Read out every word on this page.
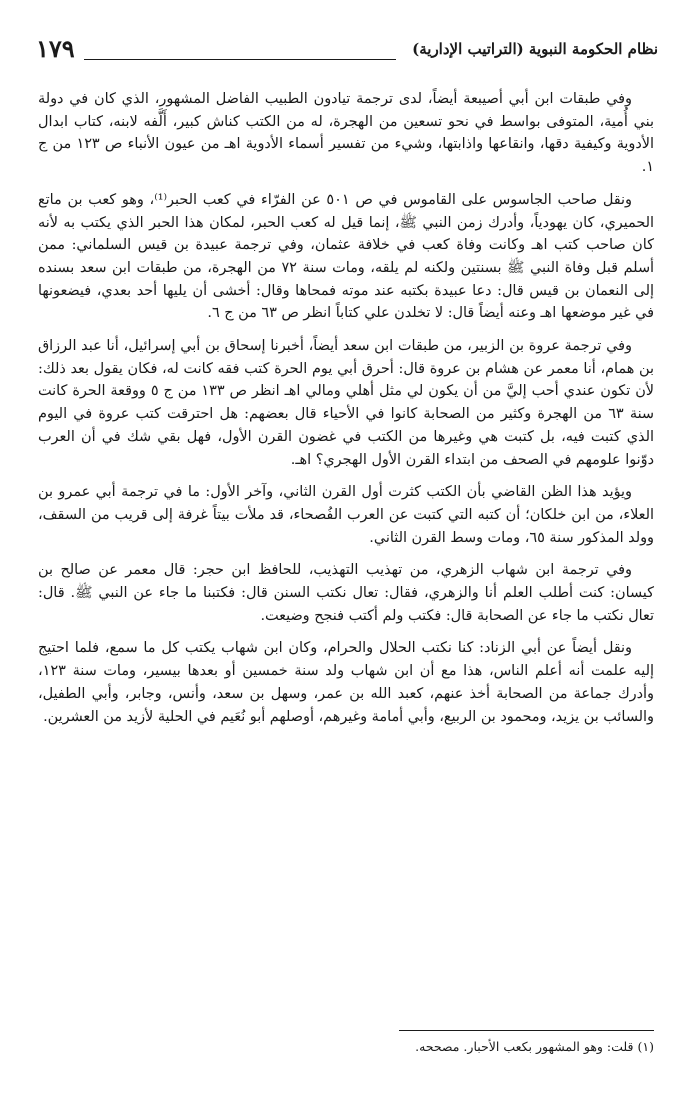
نظام الحكومة النبوية (التراتيب الإدارية)
١٧٩

وفي طبقات ابن أبي أصيبعة أيضاً، لدى ترجمة تيادون الطبيب الفاضل المشهور، الذي كان في دولة بني أُمية، المتوفى بواسط في نحو تسعين من الهجرة، له من الكتب كناش كبير، أَلَّفه لابنه، كتاب ابدال الأدوية وكيفية دقها، وانقاعها واذابتها، وشيء من تفسير أسماء الأدوية اهـ من عيون الأنباء ص ١٢٣ من ج ١.

ونقل صاحب الجاسوس على القاموس في ص ٥٠١ عن الفرّاء في كعب الحبر⁽¹⁾، وهو كعب بن ماتع الحميري، كان يهودياً، وأدرك زمن النبي ﷺ، إنما قيل له كعب الحبر، لمكان هذا الحبر الذي يكتب به لأنه كان صاحب كتب اهـ وكانت وفاة كعب في خلافة عثمان، وفي ترجمة عبيدة بن قيس السلماني: ممن أسلم قبل وفاة النبي ﷺ بسنتين ولكنه لم يلقه، ومات سنة ٧٢ من الهجرة، من طبقات ابن سعد بسنده إلى النعمان بن قيس قال: دعا عبيدة بكتبه عند موته فمحاها وقال: أخشى أن يليها أحد بعدي، فيضعونها في غير موضعها اهـ وعنه أيضاً قال: لا تخلدن علي كتاباً انظر ص ٦٣ من ج ٦.

وفي ترجمة عروة بن الزبير، من طبقات ابن سعد أيضاً، أخبرنا إسحاق بن أبي إسرائيل، أنا عبد الرزاق بن همام، أنا معمر عن هشام بن عروة قال: أحرق أبي يوم الحرة كتب فقه كانت له، فكان يقول بعد ذلك: لأن تكون عندي أحب إليَّ من أن يكون لي مثل أهلي ومالي اهـ انظر ص ١٣٣ من ج ٥ ووقعة الحرة كانت سنة ٦٣ من الهجرة وكثير من الصحابة كانوا في الأحياء قال بعضهم: هل احترقت كتب عروة في اليوم الذي كتبت فيه، بل كتبت هي وغيرها من الكتب في غضون القرن الأول، فهل بقي شك في أن العرب دوّنوا علومهم في الصحف من ابتداء القرن الأول الهجري؟ اهـ.

ويؤيد هذا الظن القاضي بأن الكتب كثرت أول القرن الثاني، وآخر الأول: ما في ترجمة أبي عمرو بن العلاء، من ابن خلكان؛ أن كتبه التي كتبت عن العرب الفُصحاء، قد ملأت بيتاً غرفة إلى قريب من السقف، وولد المذكور سنة ٦٥، ومات وسط القرن الثاني.

وفي ترجمة ابن شهاب الزهري، من تهذيب التهذيب، للحافظ ابن حجر: قال معمر عن صالح بن كيسان: كنت أطلب العلم أنا والزهري، فقال: تعال نكتب السنن قال: فكتبنا ما جاء عن النبي ﷺ. قال: تعال نكتب ما جاء عن الصحابة قال: فكتب ولم أكتب فنجح وضيعت.

ونقل أيضاً عن أبي الزناد: كنا نكتب الحلال والحرام، وكان ابن شهاب يكتب كل ما سمع، فلما احتيج إليه علمت أنه أعلم الناس، هذا مع أن ابن شهاب ولد سنة خمسين أو بعدها بيسير، ومات سنة ١٢٣، وأدرك جماعة من الصحابة أخذ عنهم، كعبد الله بن عمر، وسهل بن سعد، وأنس، وجابر، وأبي الطفيل، والسائب بن يزيد، ومحمود بن الربيع، وأبي أمامة وغيرهم، أوصلهم أبو نُعَيم في الحلية لأزيد من العشرين.

(١) قلت: وهو المشهور بكعب الأحبار. مصححه.
